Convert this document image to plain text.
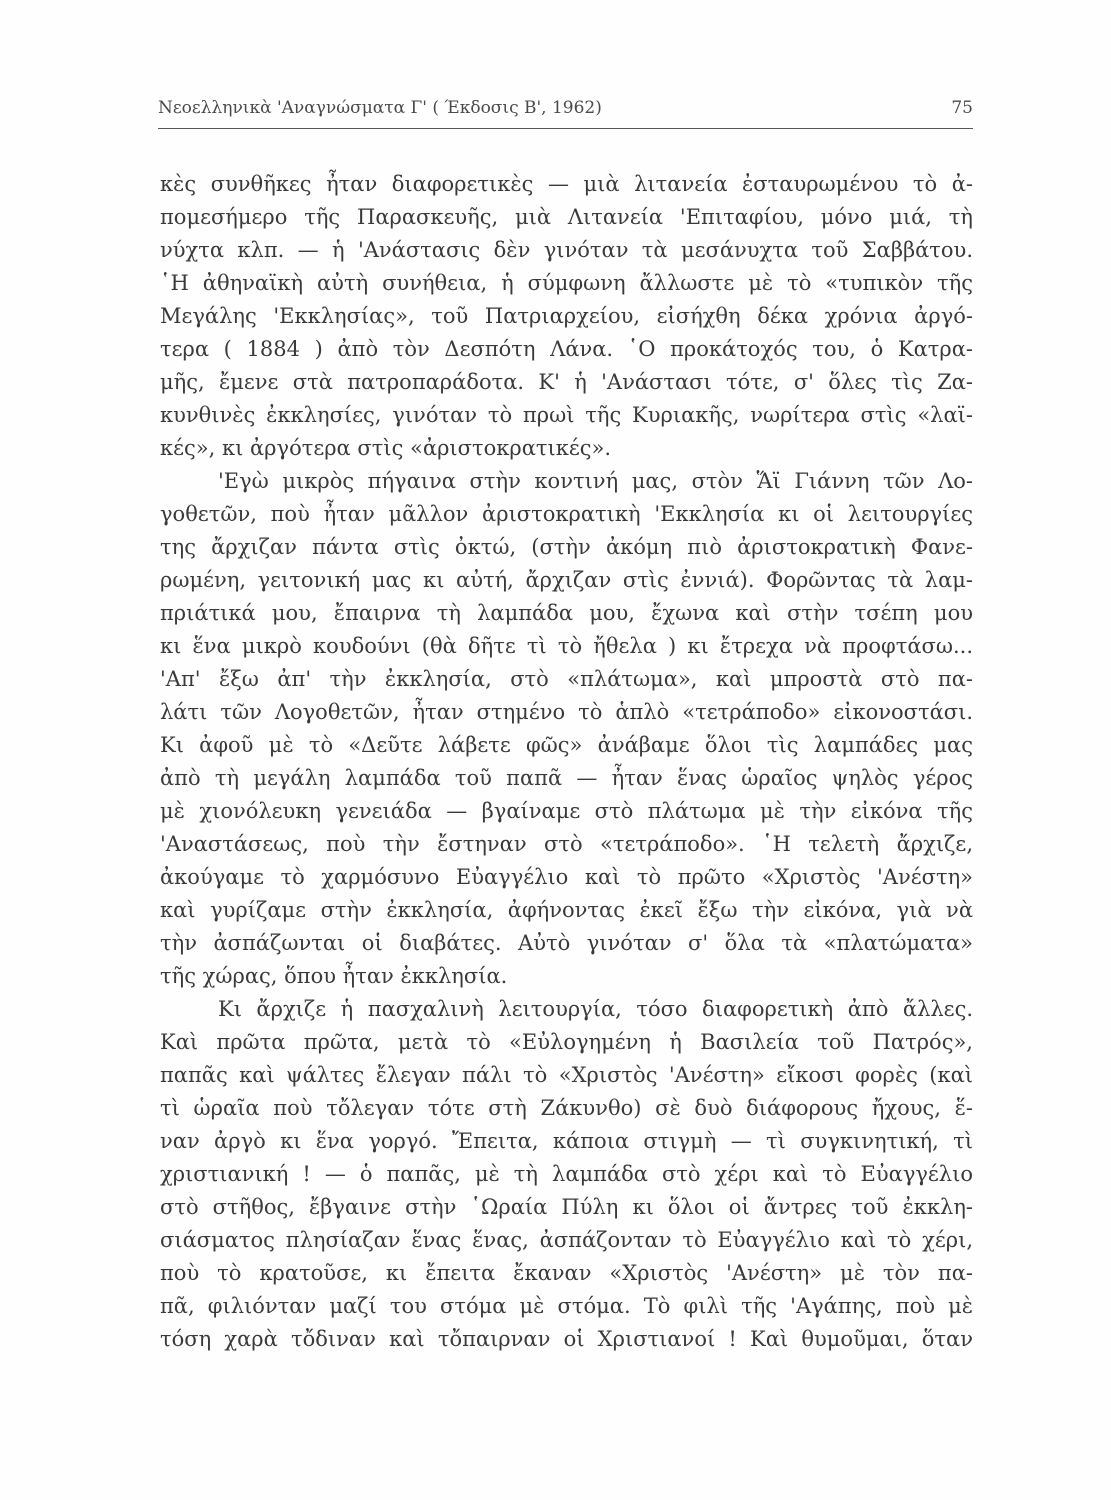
Νεοελληνικὰ 'Αναγνώσματα Γ' ( Έκδοσις Β', 1962)	75
κὲς συνθῆκες ἦταν διαφορετικὲς — μιὰ λιτανεία ἐσταυρωμένου τὸ ἀ-
πομεσήμερο τῆς Παρασκευῆς, μιὰ Λιτανεία 'Επιταφίου, μόνο μιά, τὴ
νύχτα κλπ. — ἡ 'Ανάστασις δὲν γινόταν τὰ μεσάνυχτα τοῦ Σαββάτου.
῾Η ἀθηναϊκὴ αὐτὴ συνήθεια, ἡ σύμφωνη ἄλλωστε μὲ τὸ «τυπικὸν τῆς
Μεγάλης 'Εκκλησίας», τοῦ Πατριαρχείου, εἰσήχθη δέκα χρόνια ἀργό-
τερα ( 1884 ) ἀπὸ τὸν Δεσπότη Λάνα. ῾Ο προκάτοχός του, ὁ Κατρα-
μῆς, ἔμενε στὰ πατροπαράδοτα. Κ' ἡ 'Ανάστασι τότε, σ' ὅλες τὶς Ζα-
κυνθινὲς ἐκκλησίες, γινόταν τὸ πρωὶ τῆς Κυριακῆς, νωρίτερα στὶς «λαϊ-
κές», κι ἀργότερα στὶς «ἀριστοκρατικές».
'Εγὼ μικρὸς πήγαινα στὴν κοντινή μας, στὸν Ἅϊ Γιάννη τῶν Λο-
γοθετῶν, ποὺ ἦταν μᾶλλον ἀριστοκρατικὴ 'Εκκλησία κι οἱ λειτουργίες
της ἄρχιζαν πάντα στὶς ὀκτώ, (στὴν ἀκόμη πιὸ ἀριστοκρατικὴ Φανε-
ρωμένη, γειτονική μας κι αὐτή, ἄρχιζαν στὶς ἐννιά). Φορῶντας τὰ λαμ-
πριάτικά μου, ἔπαιρνα τὴ λαμπάδα μου, ἔχωνα καὶ στὴν τσέπη μου
κι ἕνα μικρὸ κουδούνι (θὰ δῆτε τὶ τὸ ἤθελα ) κι ἔτρεχα νὰ προφτάσω...
'Απ' ἔξω ἀπ' τὴν ἐκκλησία, στὸ «πλάτωμα», καὶ μπροστὰ στὸ πα-
λάτι τῶν Λογοθετῶν, ἦταν στημένο τὸ ἁπλὸ «τετράποδο» εἰκονοστάσι.
Κι ἀφοῦ μὲ τὸ «Δεῦτε λάβετε φῶς» ἀνάβαμε ὅλοι τὶς λαμπάδες μας
ἀπὸ τὴ μεγάλη λαμπάδα τοῦ παπᾶ — ἦταν ἕνας ὡραῖος ψηλὸς γέρος
μὲ χιονόλευκη γενειάδα — βγαίναμε στὸ πλάτωμα μὲ τὴν εἰκόνα τῆς
'Αναστάσεως, ποὺ τὴν ἔστηναν στὸ «τετράποδο». ῾Η τελετὴ ἄρχιζε,
ἀκούγαμε τὸ χαρμόσυνο Εὐαγγέλιο καὶ τὸ πρῶτο «Χριστὸς 'Ανέστη»
καὶ γυρίζαμε στὴν ἐκκλησία, ἀφήνοντας ἐκεῖ ἔξω τὴν εἰκόνα, γιὰ νὰ
τὴν ἀσπάζωνται οἱ διαβάτες. Αὐτὸ γινόταν σ' ὅλα τὰ «πλατώματα»
τῆς χώρας, ὅπου ἦταν ἐκκλησία.
Κι ἄρχιζε ἡ πασχαλινὴ λειτουργία, τόσο διαφορετικὴ ἀπὸ ἄλλες.
Καὶ πρῶτα πρῶτα, μετὰ τὸ «Εὐλογημένη ἡ Βασιλεία τοῦ Πατρός»,
παπᾶς καὶ ψάλτες ἔλεγαν πάλι τὸ «Χριστὸς 'Ανέστη» εἴκοσι φορὲς (καὶ
τὶ ὡραῖα ποὺ τὄλεγαν τότε στὴ Ζάκυνθο) σὲ δυὸ διάφορους ἤχους, ἕ-
ναν ἀργὸ κι ἕνα γοργό. Ἔπειτα, κάποια στιγμὴ — τὶ συγκινητική, τὶ
χριστιανική ! — ὁ παπᾶς, μὲ τὴ λαμπάδα στὸ χέρι καὶ τὸ Εὐαγγέλιο
στὸ στῆθος, ἔβγαινε στὴν ῾Ωραία Πύλη κι ὅλοι οἱ ἄντρες τοῦ ἐκκλη-
σιάσματος πλησίαζαν ἕνας ἕνας, ἀσπάζονταν τὸ Εὐαγγέλιο καὶ τὸ χέρι,
ποὺ τὸ κρατοῦσε, κι ἔπειτα ἔκαναν «Χριστὸς 'Ανέστη» μὲ τὸν πα-
πᾶ, φιλιόνταν μαζί του στόμα μὲ στόμα. Τὸ φιλὶ τῆς 'Αγάπης, ποὺ μὲ
τόση χαρὰ τὄδιναν καὶ τὄπαιρναν οἱ Χριστιανοί ! Καὶ θυμοῦμαι, ὅταν
